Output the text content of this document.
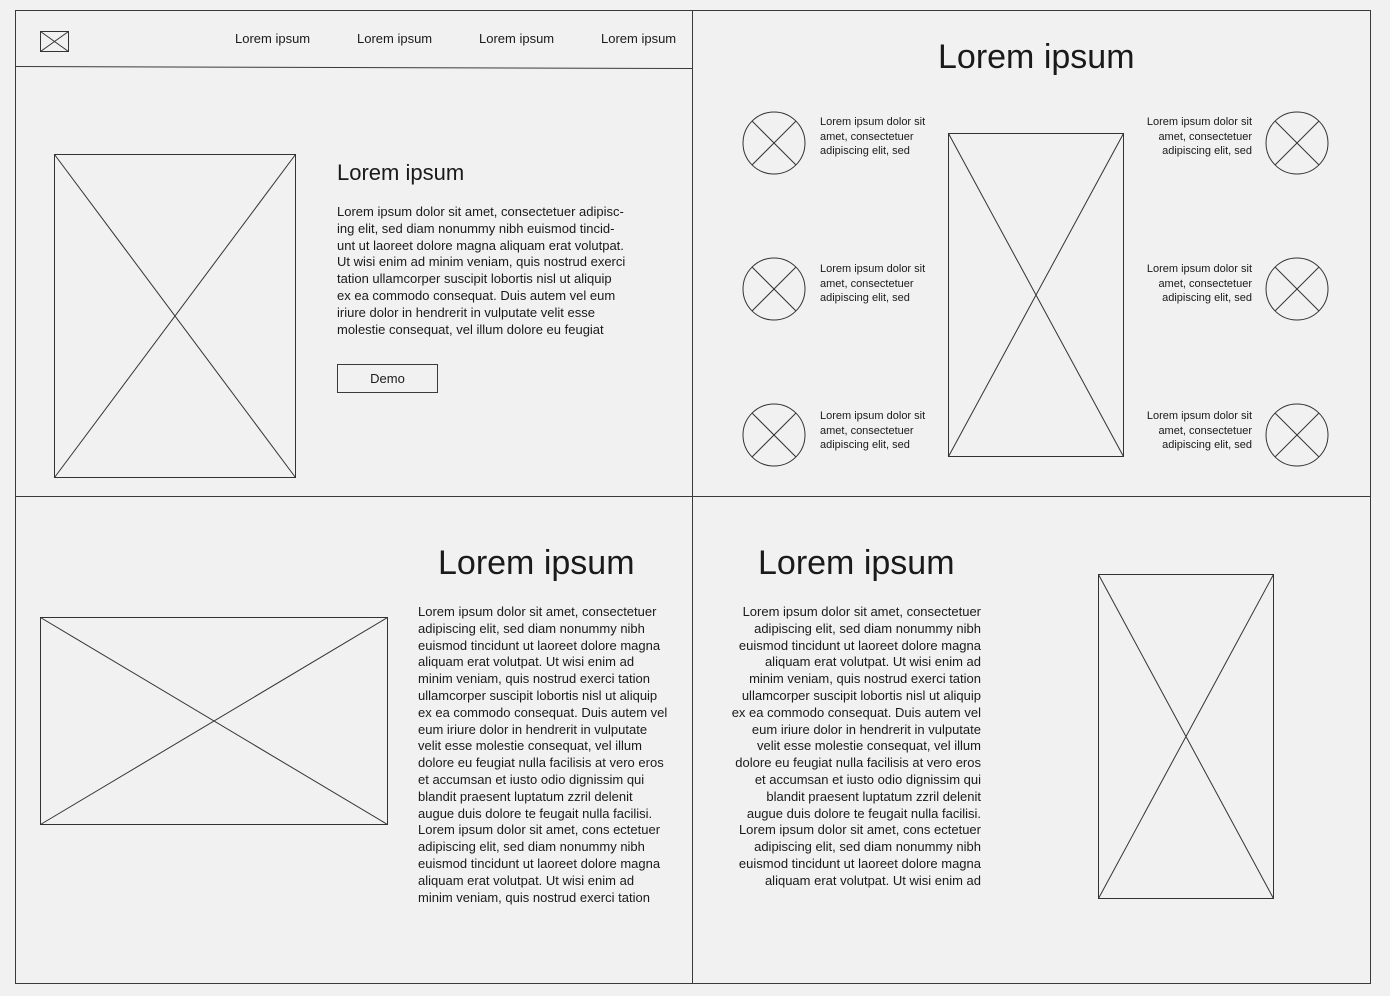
Lorem ipsum	Lorem ipsum	Lorem ipsum	Lorem ipsum
Lorem ipsum
Lorem ipsum dolor sit amet, consectetuer adipisc-
ing elit, sed diam nonummy nibh euismod tincid-
unt ut laoreet dolore magna aliquam erat volutpat.
Ut wisi enim ad minim veniam, quis nostrud exerci
tation ullamcorper suscipit lobortis nisl ut aliquip
ex ea commodo consequat. Duis autem vel eum
iriure dolor in hendrerit in vulputate velit esse
molestie consequat, vel illum dolore eu feugiat
Demo
Lorem ipsum
Lorem ipsum dolor sit
amet, consectetuer
adipiscing elit, sed
Lorem ipsum dolor sit
amet, consectetuer
adipiscing elit, sed
Lorem ipsum dolor sit
amet, consectetuer
adipiscing elit, sed
Lorem ipsum dolor sit
amet, consectetuer
adipiscing elit, sed
Lorem ipsum dolor sit
amet, consectetuer
adipiscing elit, sed
Lorem ipsum dolor sit
amet, consectetuer
adipiscing elit, sed
Lorem ipsum
Lorem ipsum dolor sit amet, consectetuer
adipiscing elit, sed diam nonummy nibh
euismod tincidunt ut laoreet dolore magna
aliquam erat volutpat. Ut wisi enim ad
minim veniam, quis nostrud exerci tation
ullamcorper suscipit lobortis nisl ut aliquip
ex ea commodo consequat. Duis autem vel
eum iriure dolor in hendrerit in vulputate
velit esse molestie consequat, vel illum
dolore eu feugiat nulla facilisis at vero eros
et accumsan et iusto odio dignissim qui
blandit praesent luptatum zzril delenit
augue duis dolore te feugait nulla facilisi.
Lorem ipsum dolor sit amet, cons ectetuer
adipiscing elit, sed diam nonummy nibh
euismod tincidunt ut laoreet dolore magna
aliquam erat volutpat. Ut wisi enim ad
minim veniam, quis nostrud exerci tation
Lorem ipsum
Lorem ipsum dolor sit amet, consectetuer
adipiscing elit, sed diam nonummy nibh
euismod tincidunt ut laoreet dolore magna
aliquam erat volutpat. Ut wisi enim ad
minim veniam, quis nostrud exerci tation
ullamcorper suscipit lobortis nisl ut aliquip
ex ea commodo consequat. Duis autem vel
eum iriure dolor in hendrerit in vulputate
velit esse molestie consequat, vel illum
dolore eu feugiat nulla facilisis at vero eros
et accumsan et iusto odio dignissim qui
blandit praesent luptatum zzril delenit
augue duis dolore te feugait nulla facilisi.
Lorem ipsum dolor sit amet, cons ectetuer
adipiscing elit, sed diam nonummy nibh
euismod tincidunt ut laoreet dolore magna
aliquam erat volutpat. Ut wisi enim ad
